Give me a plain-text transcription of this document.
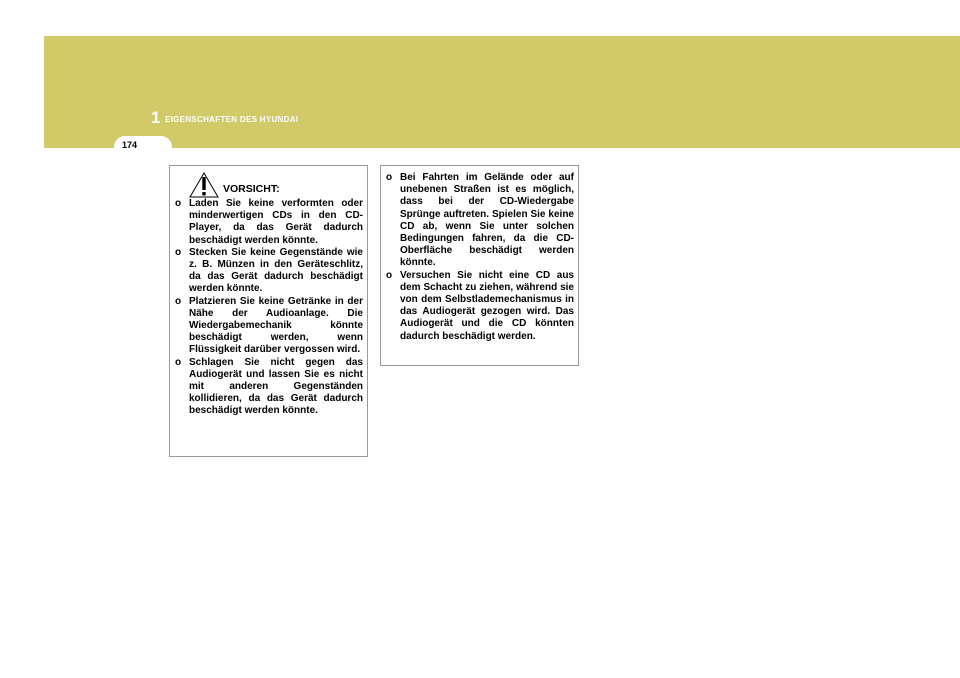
1 EIGENSCHAFTEN DES HYUNDAI
174
VORSICHT:
o Laden Sie keine verformten oder minderwertigen CDs in den CD-Player, da das Gerät dadurch beschädigt werden könnte.
o Stecken Sie keine Gegenstände wie z. B. Münzen in den Geräteschlitz, da das Gerät dadurch beschädigt werden könnte.
o Platzieren Sie keine Getränke in der Nähe der Audioanlage. Die Wiedergabemechanik könnte beschädigt werden, wenn Flüssigkeit darüber vergossen wird.
o Schlagen Sie nicht gegen das Audiogerät und lassen Sie es nicht mit anderen Gegenständen kollidieren, da das Gerät dadurch beschädigt werden könnte.
o Bei Fahrten im Gelände oder auf unebenen Straßen ist es möglich, dass bei der CD-Wiedergabe Sprünge auftreten. Spielen Sie keine CD ab, wenn Sie unter solchen Bedingungen fahren, da die CD-Oberfläche beschädigt werden könnte.
o Versuchen Sie nicht eine CD aus dem Schacht zu ziehen, während sie von dem Selbstlademechanismus in das Audiogerät gezogen wird. Das Audiogerät und die CD könnten dadurch beschädigt werden.
